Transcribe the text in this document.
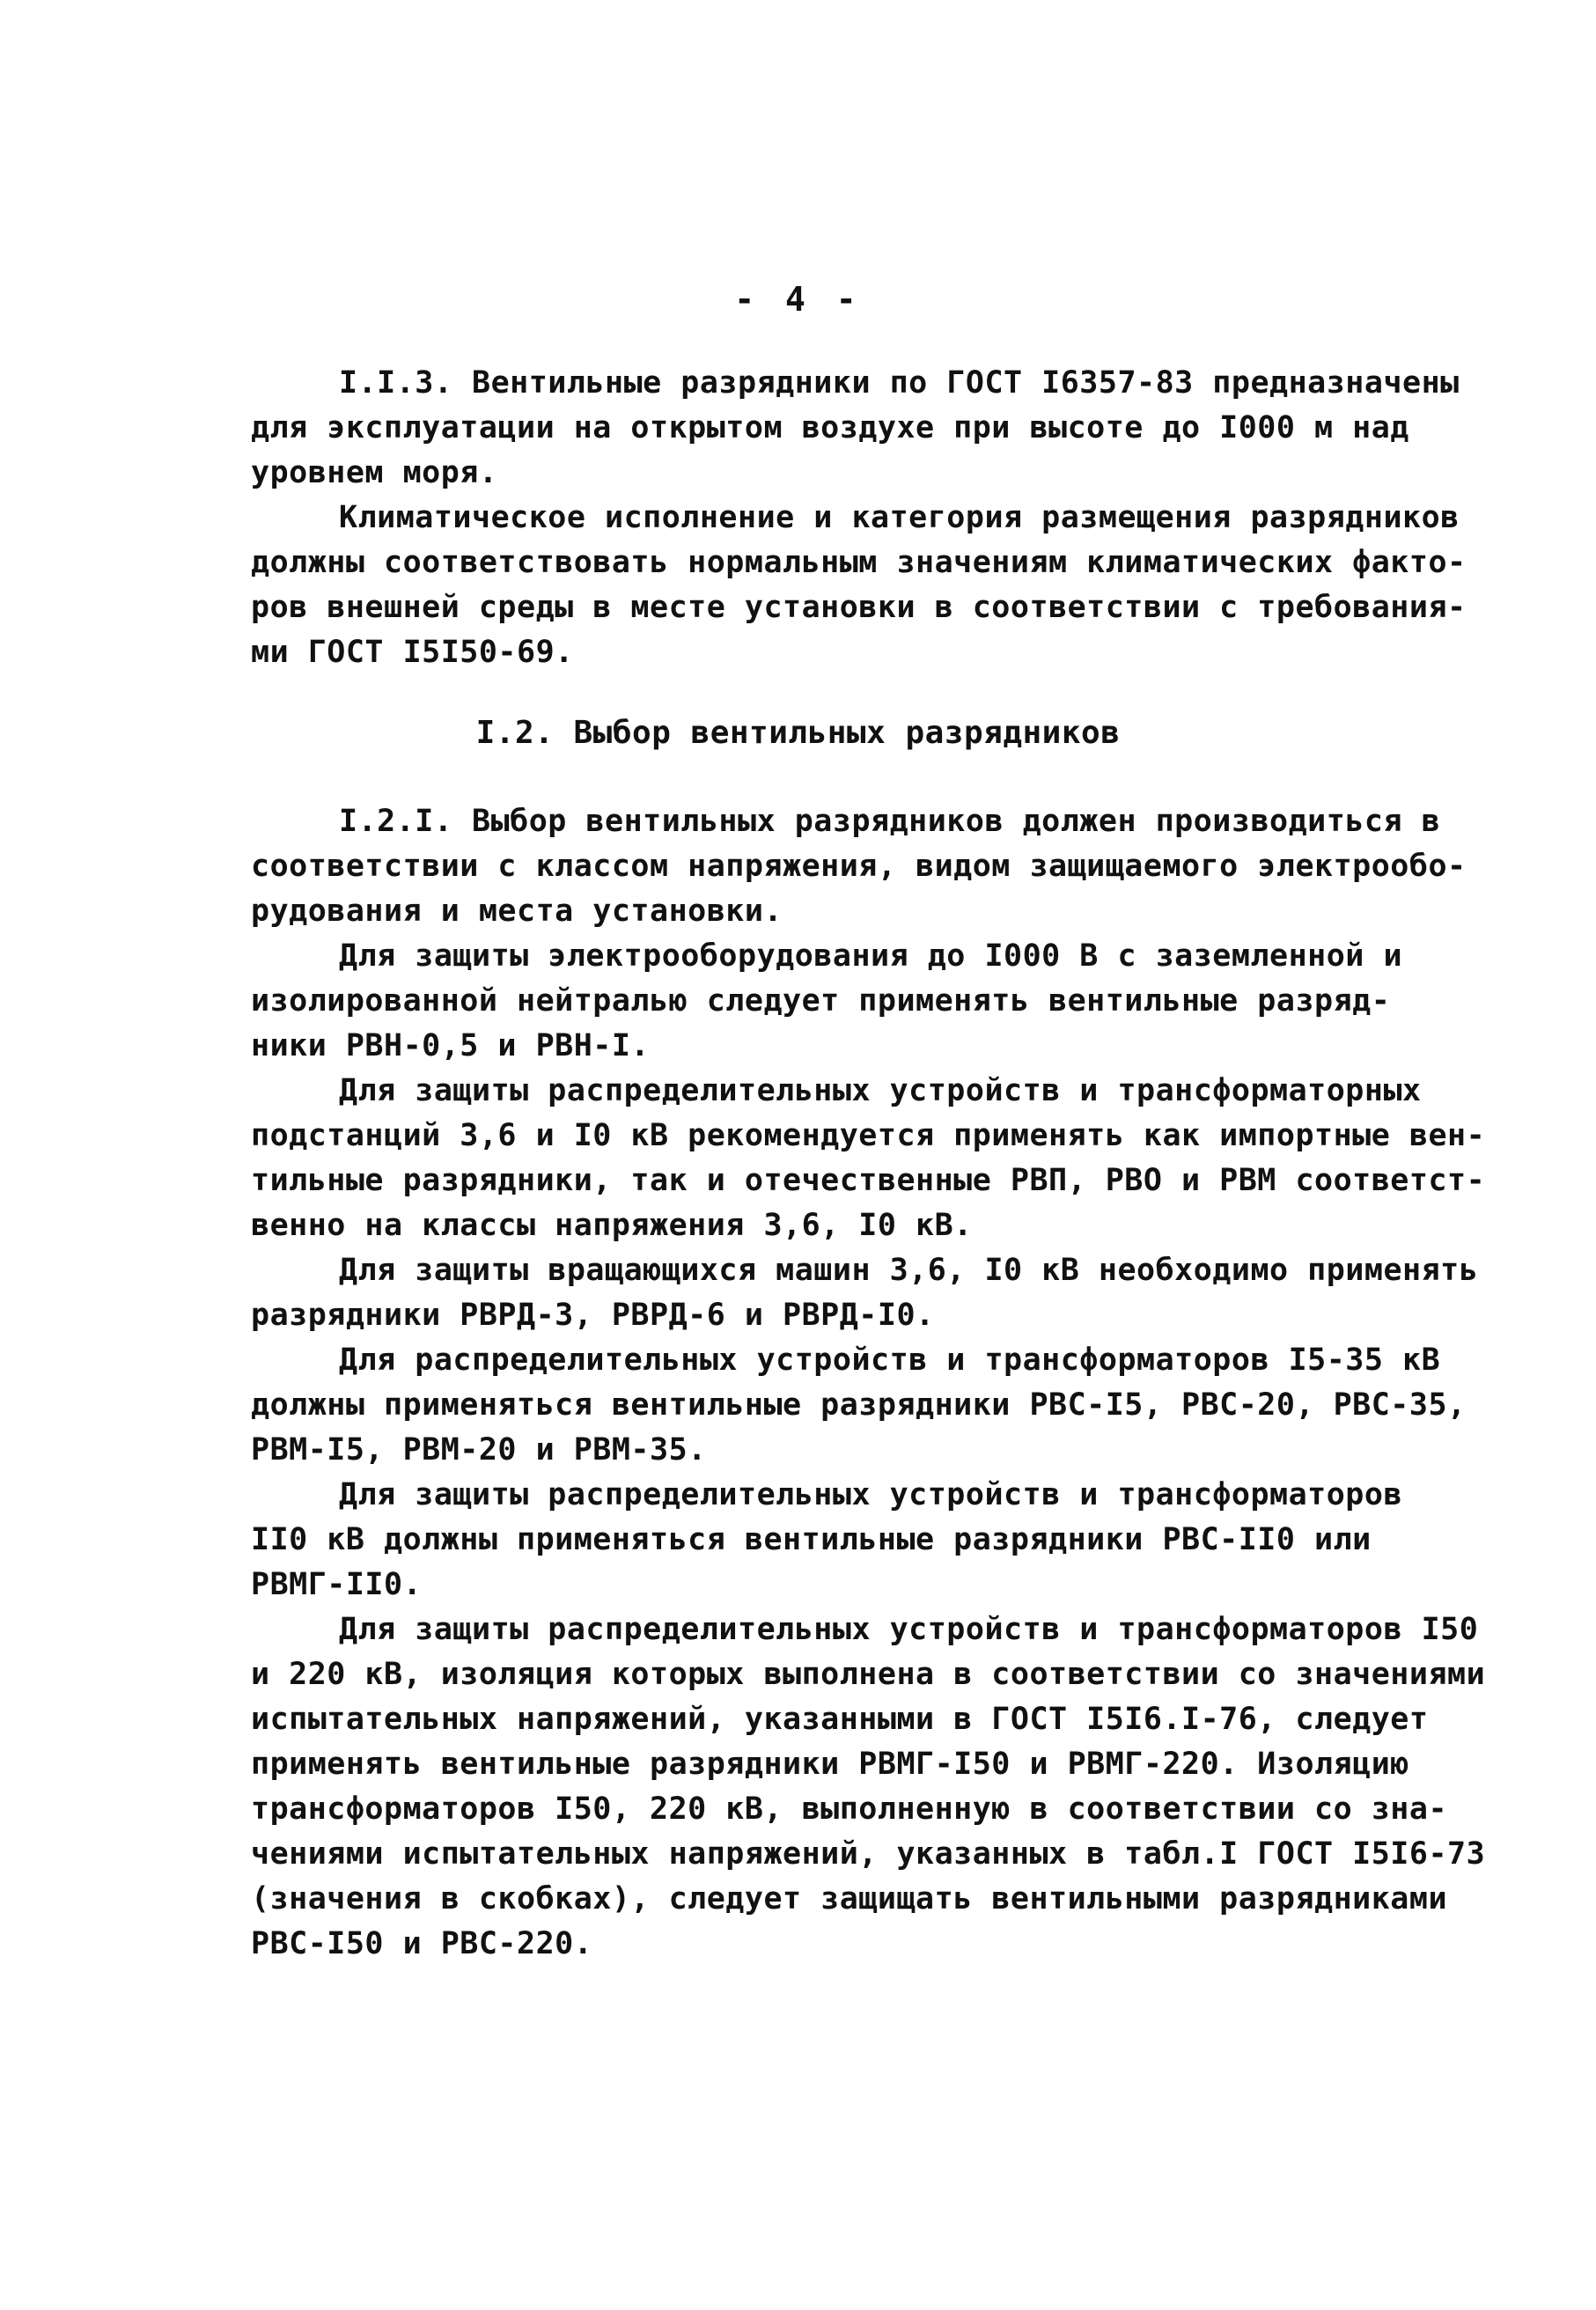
- 4 -
I.I.3. Вентильные разрядники по ГОСТ I6357-83 предназначены
для эксплуатации на открытом воздухе при высоте до I000 м над
уровнем моря.
Климатическое исполнение и категория размещения разрядников
должны соответствовать нормальным значениям климатических факто-
ров внешней среды в месте установки в соответствии с требования-
ми ГОСТ I5I50-69.
I.2. Выбор вентильных разрядников
I.2.I. Выбор вентильных разрядников должен производиться в
соответствии с классом напряжения, видом защищаемого электрообо-
рудования и места установки.
Для защиты электрооборудования до I000 В с заземленной и
изолированной нейтралью следует применять вентильные разряд-
ники РВН-0,5 и РВН-I.
Для защиты распределительных устройств и трансформаторных
подстанций 3,6 и I0 кВ рекомендуется применять как импортные вен-
тильные разрядники, так и отечественные РВП, РВО и РВМ соответст-
венно на классы напряжения 3,6, I0 кВ.
Для защиты вращающихся машин 3,6, I0 кВ необходимо применять
разрядники РВРД-3, РВРД-6 и РВРД-I0.
Для распределительных устройств и трансформаторов I5-35 кВ
должны применяться вентильные разрядники РВС-I5, РВС-20, РВС-35,
РВМ-I5, РВМ-20 и РВМ-35.
Для защиты распределительных устройств и трансформаторов
II0 кВ должны применяться вентильные разрядники РВС-II0 или
РВМГ-II0.
Для защиты распределительных устройств и трансформаторов I50
и 220 кВ, изоляция которых выполнена в соответствии со значениями
испытательных напряжений, указанными в ГОСТ I5I6.I-76, следует
применять вентильные разрядники РВМГ-I50 и РВМГ-220. Изоляцию
трансформаторов I50, 220 кВ, выполненную в соответствии со зна-
чениями испытательных напряжений, указанных в табл.I ГОСТ I5I6-73
(значения в скобках), следует защищать вентильными разрядниками
РВС-I50 и РВС-220.
